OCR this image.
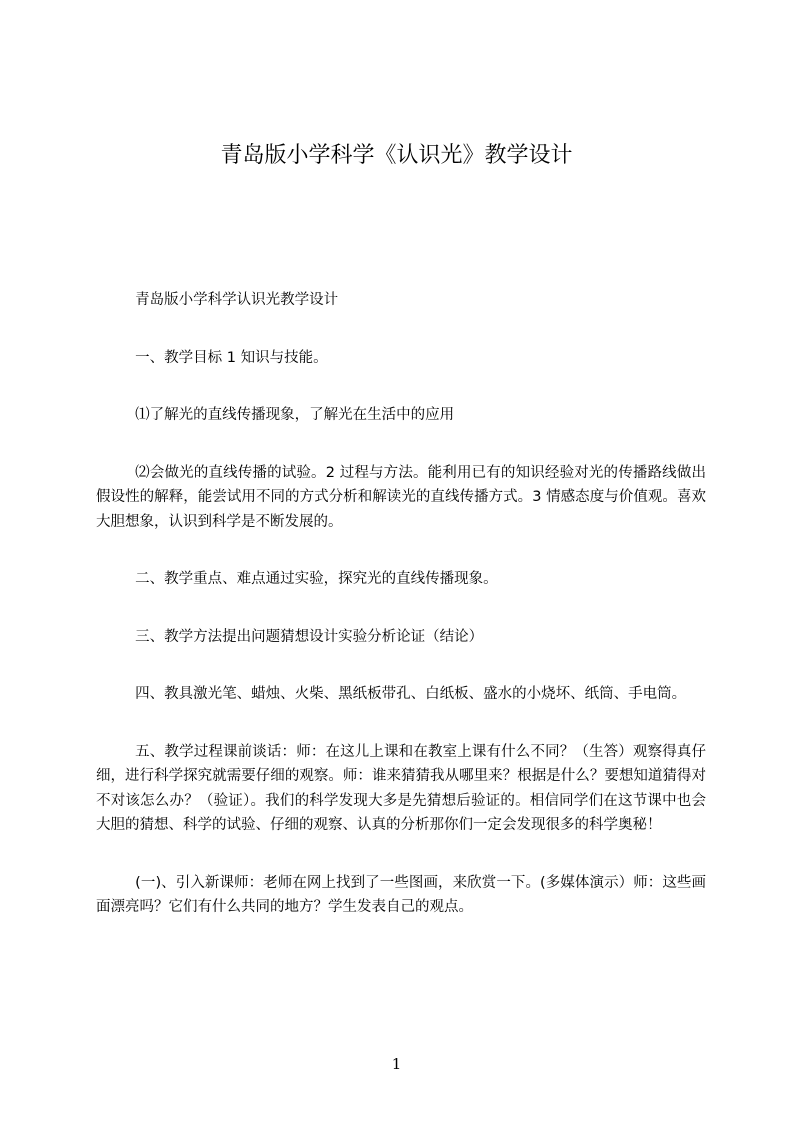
青岛版小学科学《认识光》教学设计

青岛版小学科学认识光教学设计

一、教学目标 1 知识与技能。

⑴了解光的直线传播现象，了解光在生活中的应用

⑵会做光的直线传播的试验。2 过程与方法。能利用已有的知识经验对光的传播路线做出假设性的解释，能尝试用不同的方式分析和解读光的直线传播方式。3 情感态度与价值观。喜欢大胆想象，认识到科学是不断发展的。

二、教学重点、难点通过实验，探究光的直线传播现象。

三、教学方法提出问题猜想设计实验分析论证（结论）

四、教具激光笔、蜡烛、火柴、黑纸板带孔、白纸板、盛水的小烧坏、纸筒、手电筒。

五、教学过程课前谈话：师：在这儿上课和在教室上课有什么不同？（生答）观察得真仔细，进行科学探究就需要仔细的观察。师：谁来猜猜我从哪里来？根据是什么？要想知道猜得对不对该怎么办？（验证）。我们的科学发现大多是先猜想后验证的。相信同学们在这节课中也会大胆的猜想、科学的试验、仔细的观察、认真的分析那你们一定会发现很多的科学奥秘！

(一)、引入新课师：老师在网上找到了一些图画，来欣赏一下。(多媒体演示）师：这些画面漂亮吗？它们有什么共同的地方？学生发表自己的观点。

1
